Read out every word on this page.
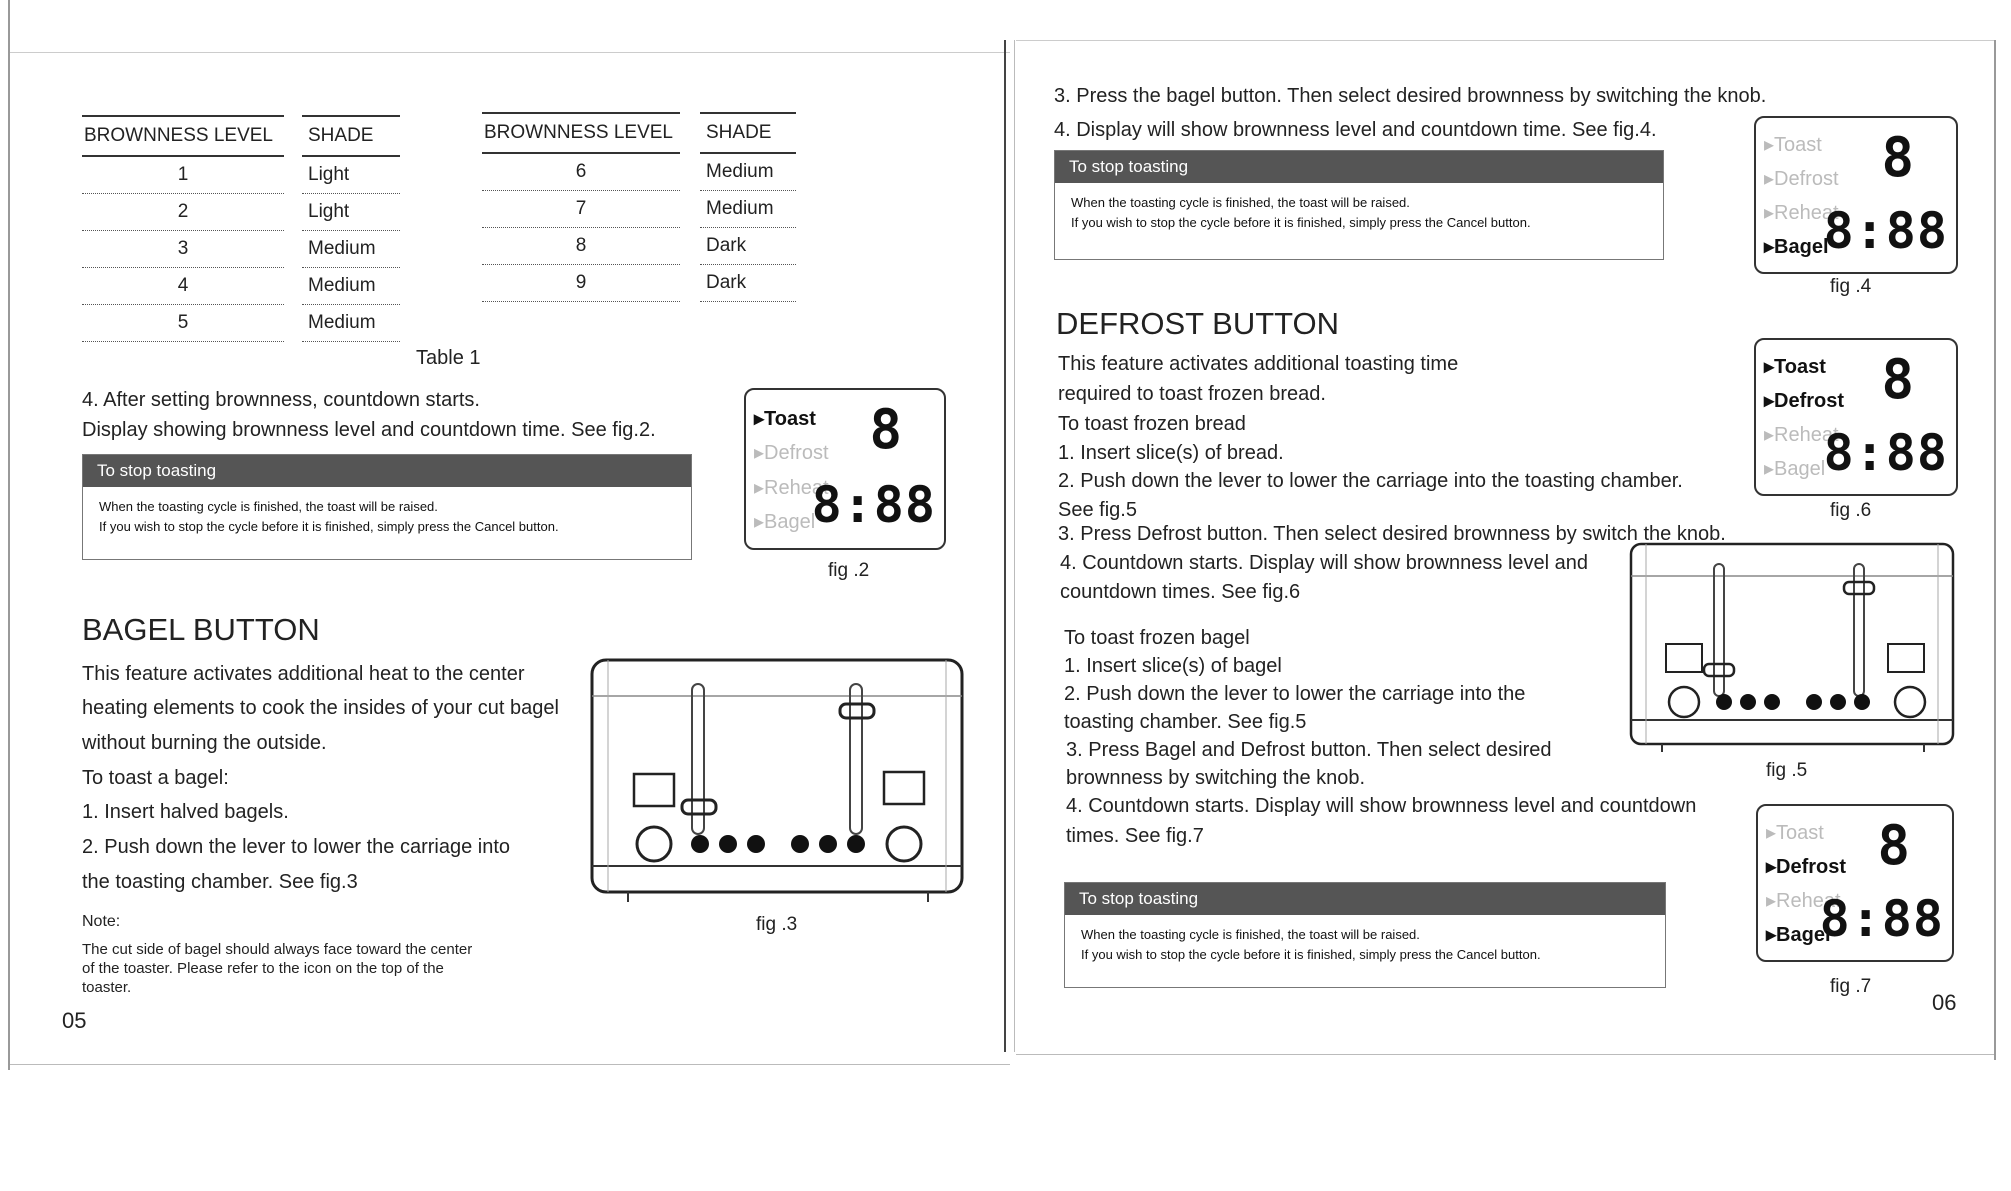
BROWNNESS LEVEL
1
2
3
4
5
SHADE
Light
Light
Medium
Medium
Medium
BROWNNESS LEVEL
6
7
8
9
SHADE
Medium
Medium
Dark
Dark
Table 1
4. After setting brownness, countdown starts.
Display showing brownness level and countdown time. See fig.2.
To stop toasting
When the toasting cycle is finished, the toast will be raised.
If you wish to stop the cycle before it is finished, simply press the Cancel button.
▸Toast
▸Defrost
▸Reheat
▸Bagel
8
8:88
fig .2
BAGEL BUTTON
This feature activates additional heat to the center
heating elements to cook the insides of your cut bagel
without burning the outside.
To toast a bagel:
1. Insert halved bagels.
2. Push down the lever to lower the carriage into
the toasting chamber. See fig.3
Note:
The cut side of bagel should always face toward the center
of the toaster. Please refer to the icon on the top of the
toaster.
fig .3
05
3. Press the bagel button. Then select desired brownness by switching the knob.
4. Display will show brownness level and countdown time. See fig.4.
To stop toasting
When the toasting cycle is finished, the toast will be raised.
If you wish to stop the cycle before it is finished, simply press the Cancel button.
▸Toast
▸Defrost
▸Reheat
▸Bagel
8
8:88
fig .4
DEFROST BUTTON
This feature activates additional toasting time
required to toast frozen bread.
To toast frozen bread
1. Insert slice(s) of bread.
2. Push down the lever to lower the carriage into the toasting chamber.
See fig.5
3. Press Defrost button. Then select desired brownness by switch the knob.
4. Countdown starts. Display will show brownness level and
countdown times. See fig.6
▸Toast
▸Defrost
▸Reheat
▸Bagel
8
8:88
fig .6
fig .5
To toast frozen bagel
1. Insert slice(s) of bagel
2. Push down the lever to lower the carriage into the
toasting chamber. See fig.5
3. Press Bagel and Defrost button. Then select desired
brownness by switching the knob.
4. Countdown starts. Display will show brownness level and countdown
times. See fig.7	▸Toast
▸Defrost
▸Reheat
▸Bagel
8
8:88
To stop toasting
When the toasting cycle is finished, the toast will be raised.
If you wish to stop the cycle before it is finished, simply press the Cancel button.
fig .7
06
